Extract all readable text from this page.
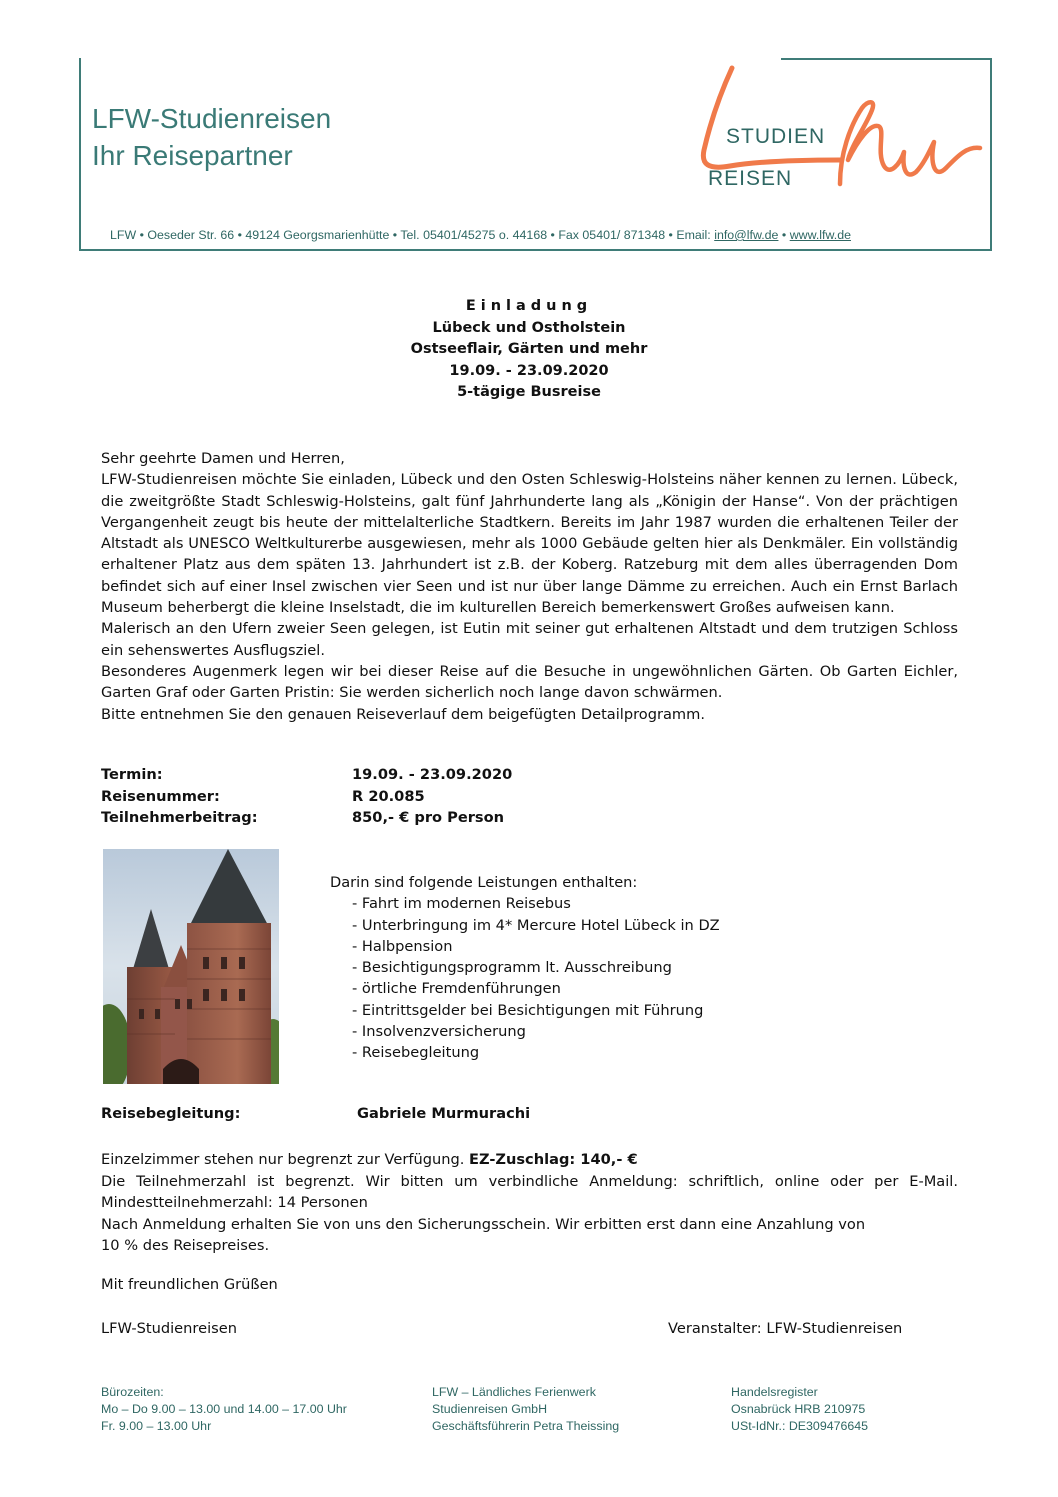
LFW-Studienreisen
Ihr Reisepartner
STUDIEN
REISEN
LFW • Oeseder Str. 66 • 49124 Georgsmarienhütte • Tel. 05401/45275 o. 44168 • Fax 05401/ 871348 • Email: info@lfw.de • www.lfw.de
Einladung
Lübeck und Ostholstein
Ostseeflair, Gärten und mehr
19.09. - 23.09.2020
5-tägige Busreise

Sehr geehrte Damen und Herren,

LFW-Studienreisen möchte Sie einladen, Lübeck und den Osten Schleswig-Holsteins näher kennen zu lernen. Lübeck, die zweitgrößte Stadt Schleswig-Holsteins, galt fünf Jahrhunderte lang als „Königin der Hanse“. Von der prächtigen Vergangenheit zeugt bis heute der mittelalterliche Stadtkern. Bereits im Jahr 1987 wurden die erhaltenen Teiler der Altstadt als UNESCO Weltkulturerbe ausgewiesen, mehr als 1000 Gebäude gelten hier als Denkmäler. Ein vollständig erhaltener Platz aus dem späten 13. Jahrhundert ist z.B. der Koberg. Ratzeburg mit dem alles überragenden Dom befindet sich auf einer Insel zwischen vier Seen und ist nur über lange Dämme zu erreichen. Auch ein Ernst Barlach Museum beherbergt die kleine Inselstadt, die im kulturellen Bereich bemerkenswert Großes aufweisen kann.

Malerisch an den Ufern zweier Seen gelegen, ist Eutin mit seiner gut erhaltenen Altstadt und dem trutzigen Schloss ein sehenswertes Ausflugsziel.

Besonderes Augenmerk legen wir bei dieser Reise auf die Besuche in ungewöhnlichen Gärten. Ob Garten Eichler, Garten Graf oder Garten Pristin: Sie werden sicherlich noch lange davon schwärmen.

Bitte entnehmen Sie den genauen Reiseverlauf dem beigefügten Detailprogramm.

Termin:	19.09. - 23.09.2020
Reisenummer:	R 20.085
Teilnehmerbeitrag:	850,- € pro Person
Darin sind folgende Leistungen enthalten:
- Fahrt im modernen Reisebus
- Unterbringung im 4* Mercure Hotel Lübeck in DZ
- Halbpension
- Besichtigungsprogramm lt. Ausschreibung
- örtliche Fremdenführungen
- Eintrittsgelder bei Besichtigungen mit Führung
- Insolvenzversicherung
- Reisebegleitung
Reisebegleitung:	Gabriele Murmurachi

Einzelzimmer stehen nur begrenzt zur Verfügung. EZ-Zuschlag: 140,- €

Die Teilnehmerzahl ist begrenzt. Wir bitten um verbindliche Anmeldung: schriftlich, online oder per E-Mail.

Mindestteilnehmerzahl: 14 Personen

Nach Anmeldung erhalten Sie von uns den Sicherungsschein. Wir erbitten erst dann eine Anzahlung von

10 % des Reisepreises.

Mit freundlichen Grüßen
LFW-Studienreisen	Veranstalter: LFW-Studienreisen
Bürozeiten:
Mo – Do 9.00 – 13.00 und 14.00 – 17.00 Uhr
Fr. 9.00 – 13.00 Uhr
LFW – Ländliches Ferienwerk
Studienreisen GmbH
Geschäftsführerin Petra Theissing
Handelsregister
Osnabrück HRB 210975
USt-IdNr.: DE309476645
